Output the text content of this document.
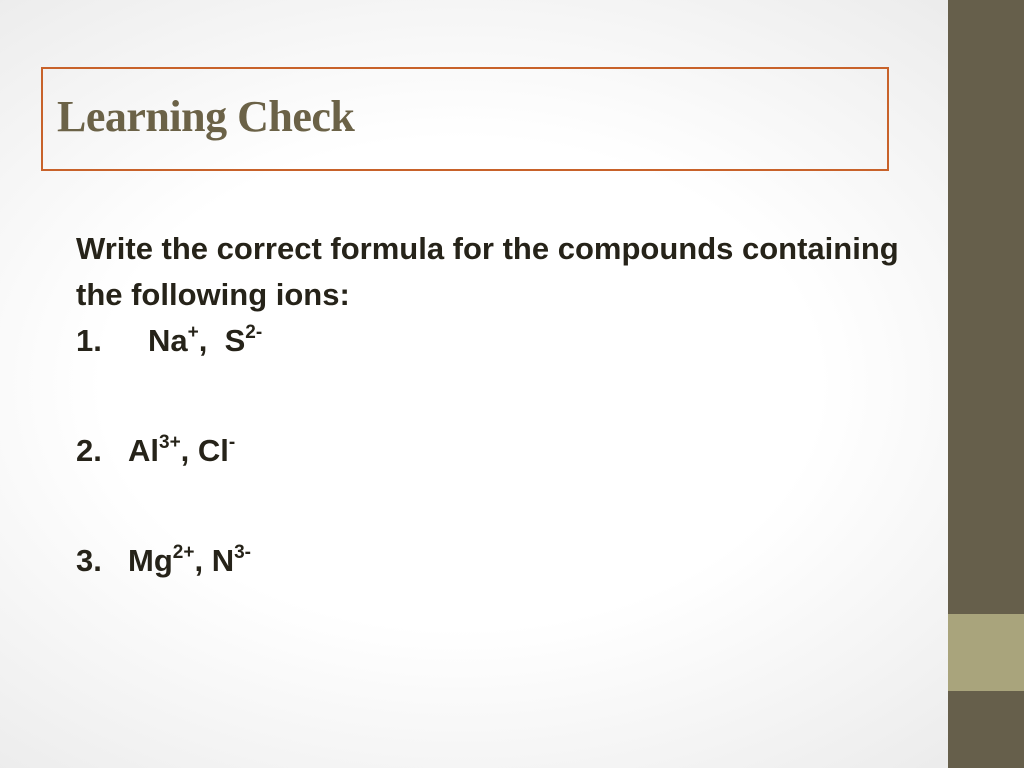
Learning Check

Write the correct formula for the compounds containing the following ions:

1. Na+, $S^{2-}$

2. $Al^{3+}$, Cl-

3. $Mg^{2+}$, $N^{3-}$
